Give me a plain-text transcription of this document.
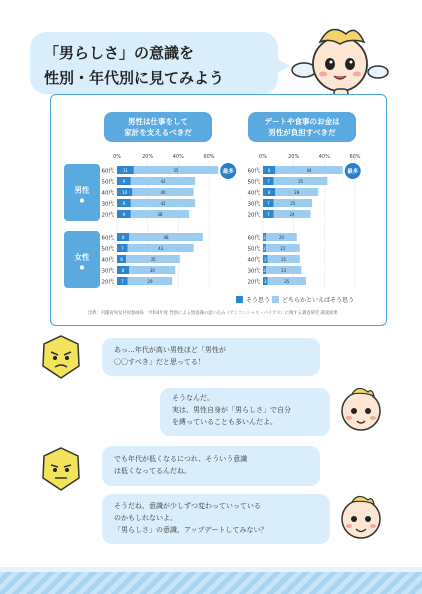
「男らしさ」の意識を
性別・年代別に見てみよう
男性
女性
男性は仕事をして家計を支えるべきだ
0%	20%	40%	60%
60代 11	55
50代 9	42
40代 10	40
30代 9	42
20代 9	38
最多
60代 8	48
50代 7	43
40代 6	35
30代 8	30
20代 7	29
デートや食事のお金は男性が負担すべきだ
0%	20%	40%	60%
60代 8	44
50代 7	35
40代 8	28
30代 7	25
20代 7	24
最多
60代 2	20
50代 2	22
40代 3	21
30代 2	23
20代 3	25
そう思う どちらかといえばそう思う
出典：内閣府男女共同参画局　令和4年度 性別による無意識の思い込み（アンコンシャス・バイアス）に関する調査研究 調査結果
あっ…年代が高い男性ほど「男性が
〇〇すべき」だと思ってる！
そうなんだ。
実は、男性自身が「男らしさ」で自分
を縛っていることも多いんだよ。
でも年代が低くなるにつれ、そういう意識
は低くなってるんだね。
そうだね、意識が少しずつ変わっていっている
のかもしれないよ。
「男らしさ」の意識、アップデートしてみない？
